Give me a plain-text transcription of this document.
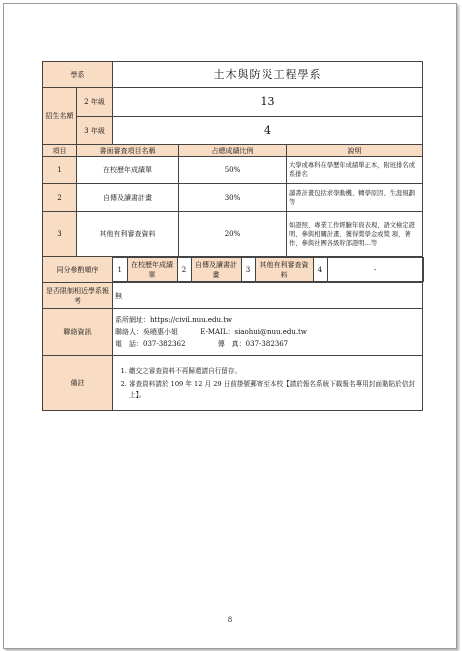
學系	土木與防災工程學系
招生名額	2 年級	13
3 年級	4
項目	書面審查項目名稱	占總成績比例	說明
1	在校歷年成績單	50%	大學或專科在學歷年成績單正本，附班排名或系排名
2	自傳及讀書計畫	30%	讀書計畫包括求學動機、轉學原因、生涯規劃等
3	其他有利審查資料	20%	如證照、專業工作經驗年資表現、語文檢定證明、參與相關計畫、獲得獎學金或獎 項、著作、參與社團各級幹部證明…等
同分參酌順序		1	在校歷年成績單	2	自傳及讀書計畫	3	其他有利審查資料	4	-

是否限制相近學系報考	無
聯絡資訊	
系所網址：https://civil.nuu.edu.tw
聯絡人：吳曉惠小姐	E-MAIL：siaohui@nuu.edu.tw
電　話：037-382362	傳　真：037-382367

備註	
1. 繳交之審查資料不再歸還請自行留存。
2. 審查資料請於 109 年 12 月 29 日前掛號郵寄至本校【請於報名系統下載報名專用封面黏貼於信封上】。
8
